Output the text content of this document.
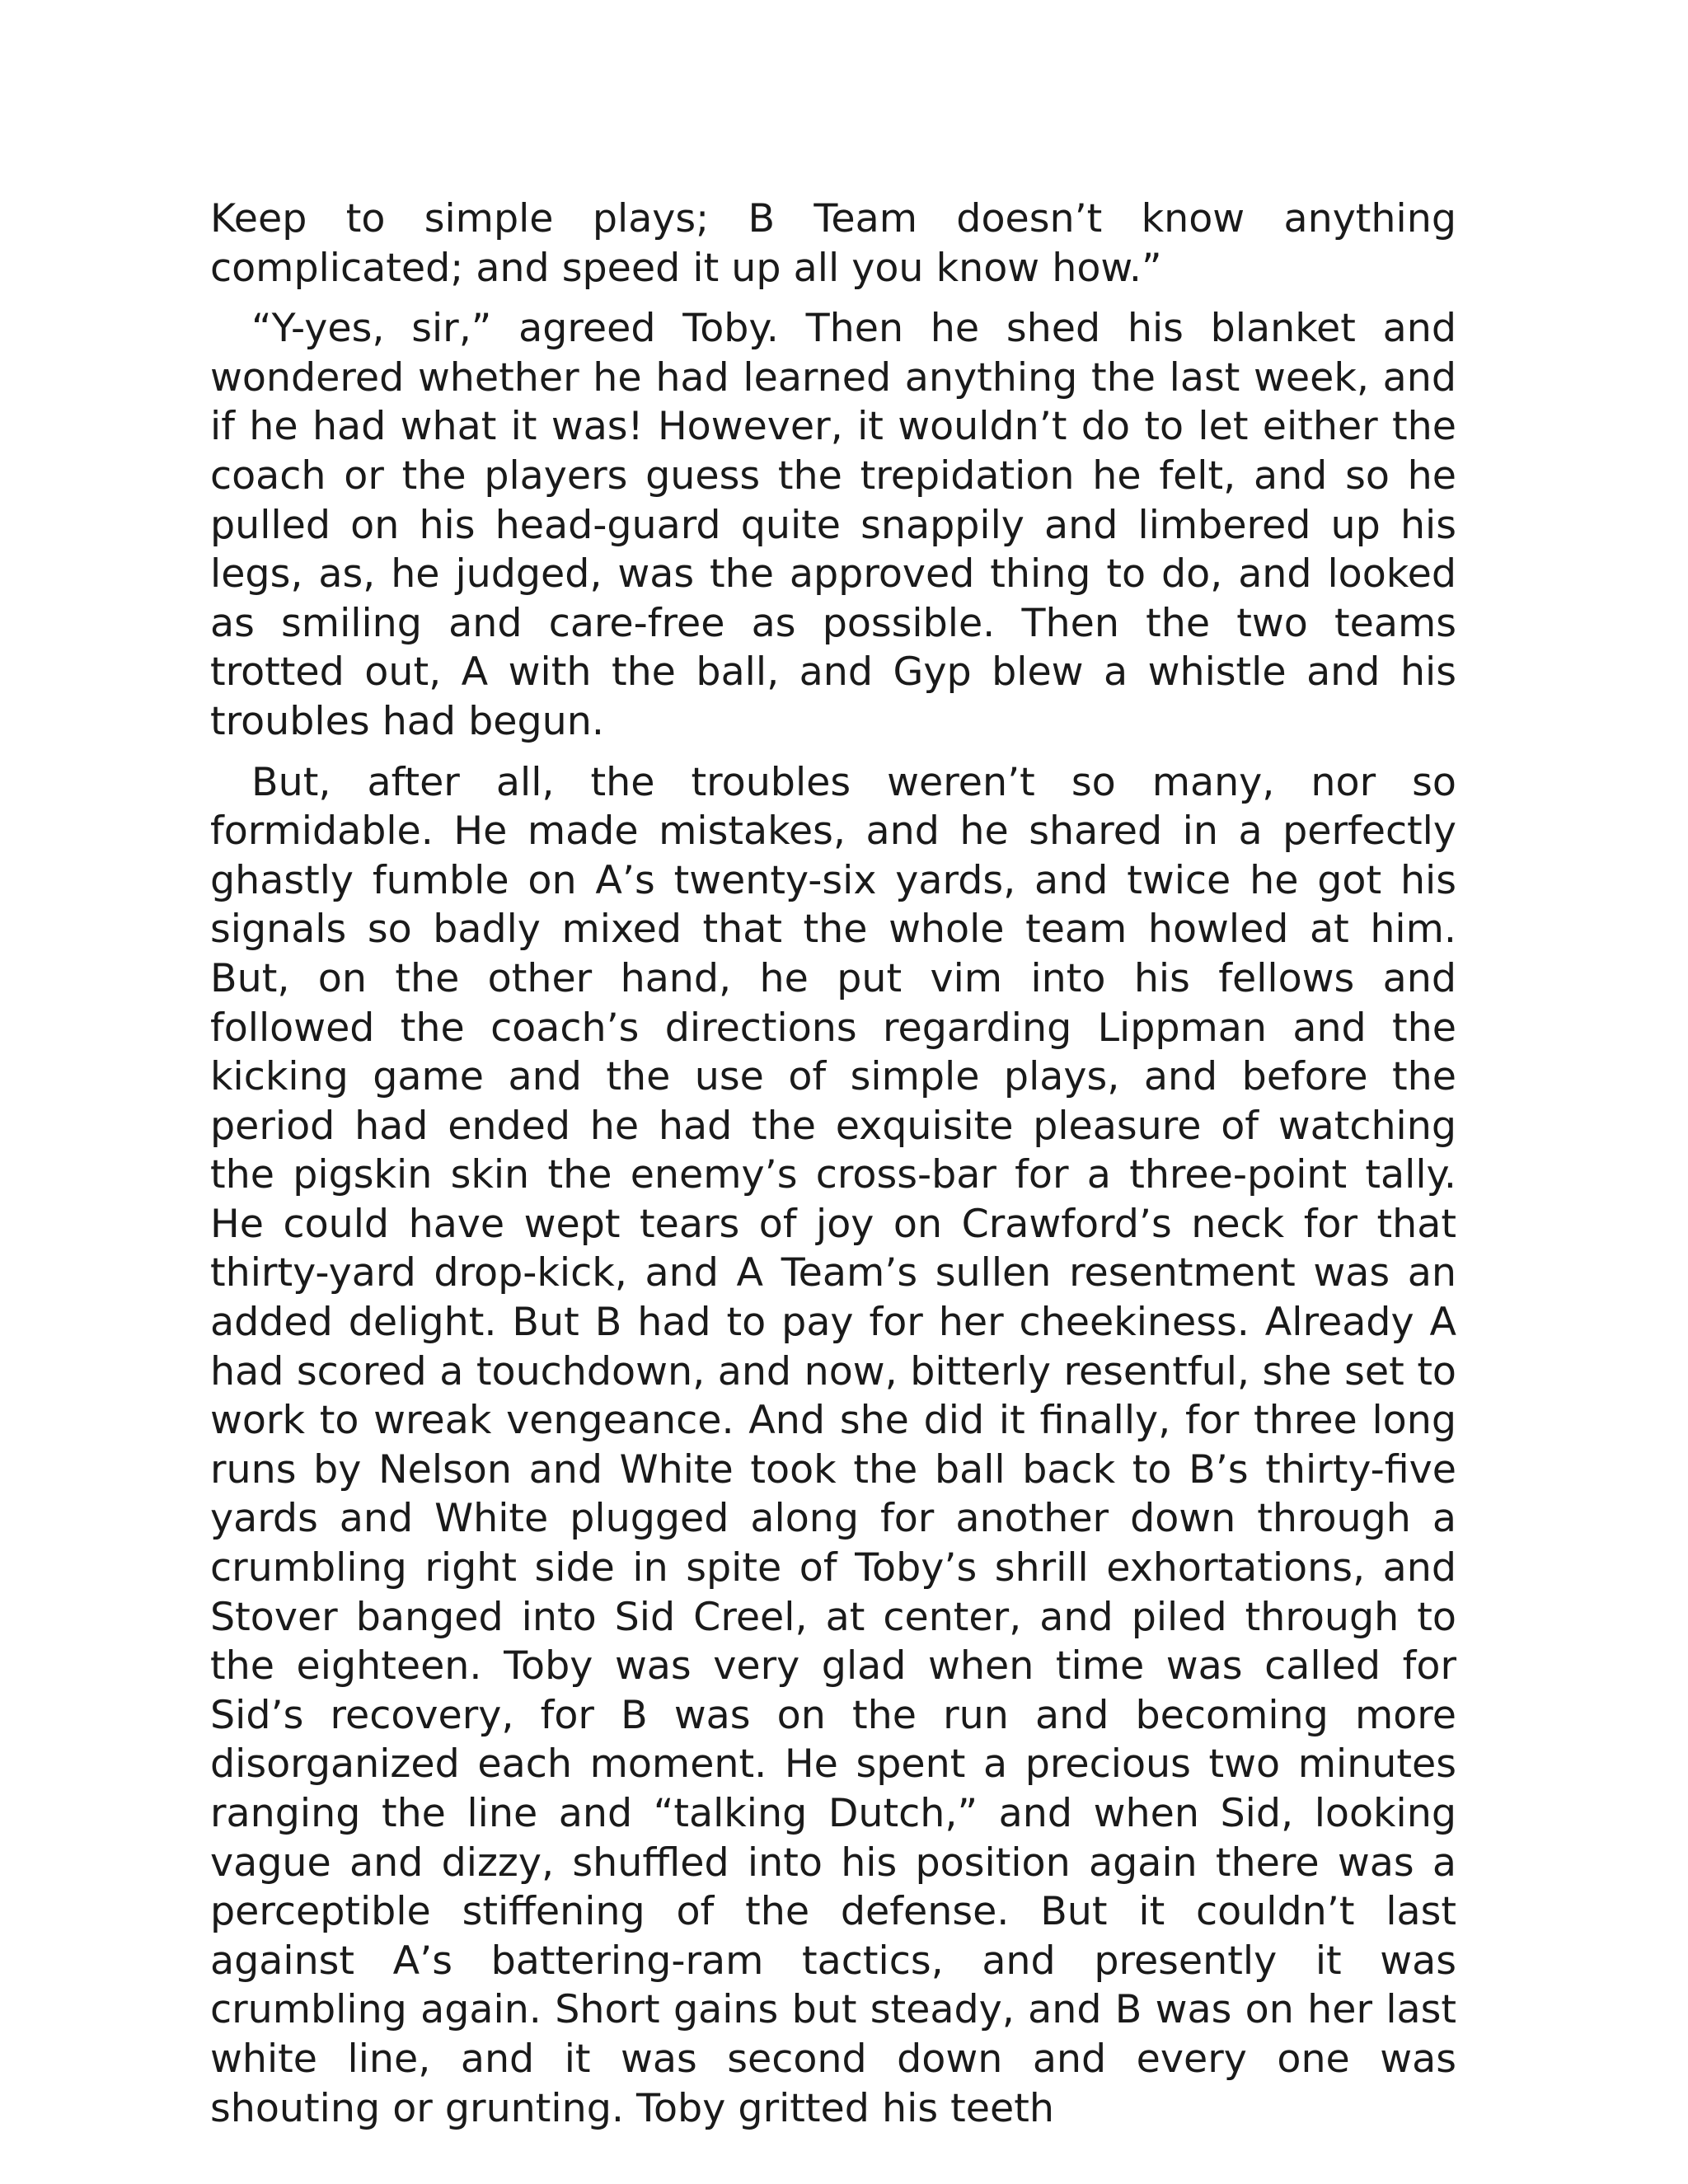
Keep to simple plays; B Team doesn’t know anything complicated; and speed it up all you know how.”

“Y-yes, sir,” agreed Toby. Then he shed his blanket and wondered whether he had learned anything the last week, and if he had what it was! However, it wouldn’t do to let either the coach or the players guess the trepidation he felt, and so he pulled on his head-guard quite snappily and limbered up his legs, as, he judged, was the approved thing to do, and looked as smiling and care-free as possible. Then the two teams trotted out, A with the ball, and Gyp blew a whistle and his troubles had begun.

But, after all, the troubles weren’t so many, nor so formidable. He made mistakes, and he shared in a perfectly ghastly fumble on A’s twenty-six yards, and twice he got his signals so badly mixed that the whole team howled at him. But, on the other hand, he put vim into his fellows and followed the coach’s directions regarding Lippman and the kicking game and the use of simple plays, and before the period had ended he had the exquisite pleasure of watching the pigskin skin the enemy’s cross-bar for a three-point tally. He could have wept tears of joy on Crawford’s neck for that thirty-yard drop-kick, and A Team’s sullen resentment was an added delight. But B had to pay for her cheekiness. Already A had scored a touchdown, and now, bitterly resentful, she set to work to wreak vengeance. And she did it finally, for three long runs by Nelson and White took the ball back to B’s thirty-five yards and White plugged along for another down through a crumbling right side in spite of Toby’s shrill exhortations, and Stover banged into Sid Creel, at center, and piled through to the eighteen. Toby was very glad when time was called for Sid’s recovery, for B was on the run and becoming more disorganized each moment. He spent a precious two minutes ranging the line and “talking Dutch,” and when Sid, looking vague and dizzy, shuffled into his position again there was a perceptible stiffening of the defense. But it couldn’t last against A’s battering-ram tactics, and presently it was crumbling again. Short gains but steady, and B was on her last white line, and it was second down and every one was shouting or grunting. Toby gritted his teeth
